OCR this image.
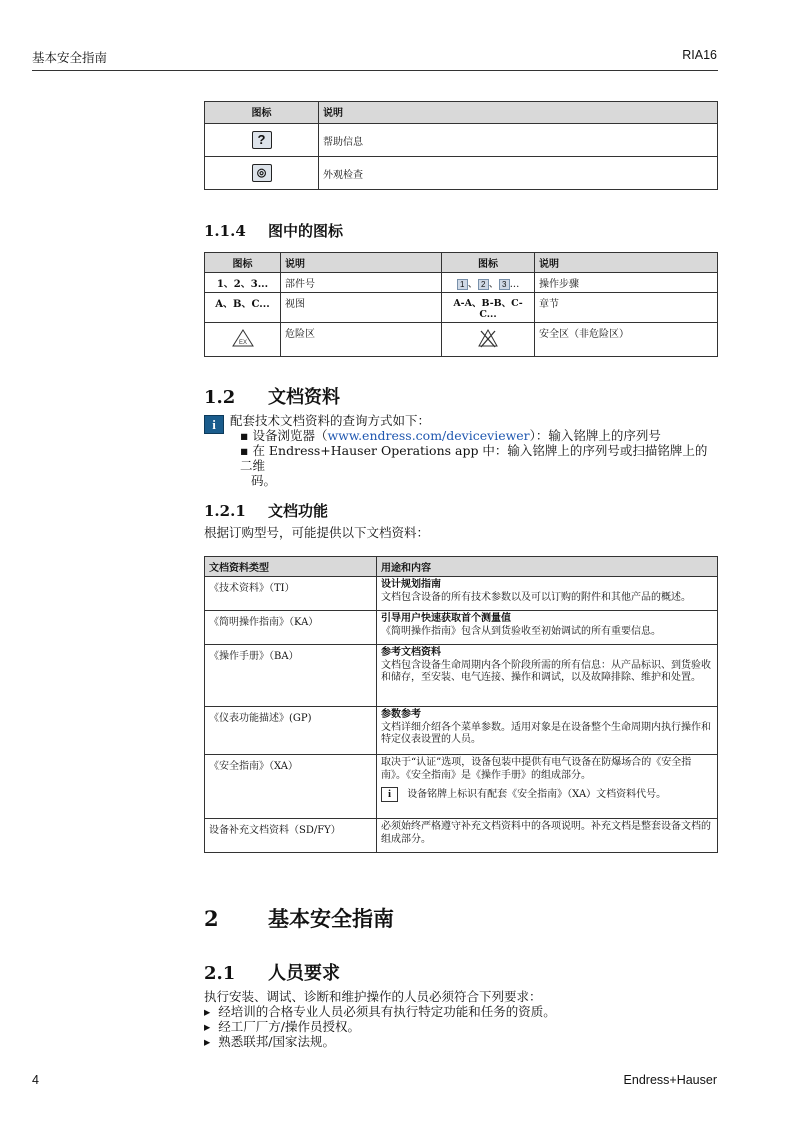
基本安全指南	RIA16
图标	说明
?	帮助信息
◎	外观检查
1.1.4 图中的图标
图标	说明	图标	说明
1、2、3...	部件号	1 、 2 、 3 ...	操作步骤
A、B、C...	视图	A-A、B-B、C-C...	章节

EX	危险区		安全区（非危险区）
1.2 文档资料
i	配套技术文档资料的查询方式如下：
▪ 设备浏览器（www.endress.com/deviceviewer）：输入铭牌上的序列号
▪ 在 Endress+Hauser Operations app 中：输入铭牌上的序列号或扫描铭牌上的二维
码。
1.2.1 文档功能
根据订购型号，可能提供以下文档资料：
文档资料类型	用途和内容
《技术资料》（TI）	设计规划指南
文档包含设备的所有技术参数以及可以订购的附件和其他产品的概述。

《简明操作指南》（KA）	引导用户快速获取首个测量值
《简明操作指南》包含从到货验收至初始调试的所有重要信息。

《操作手册》（BA）	参考文档资料
文档包含设备生命周期内各个阶段所需的所有信息：从产品标识、到货验收和储存，至安装、电气连接、操作和调试，以及故障排除、维护和处置。

《仪表功能描述》(GP)	参数参考
文档详细介绍各个菜单参数。适用对象是在设备整个生命周期内执行操作和特定仪表设置的人员。

《安全指南》（XA）	取决于“认证”选项，设备包装中提供有电气设备在防爆场合的《安全指南》。《安全指南》是《操作手册》的组成部分。
i 设备铭牌上标识有配套《安全指南》（XA）文档资料代号。

设备补充文档资料（SD/FY）	必须始终严格遵守补充文档资料中的各项说明。补充文档是整套设备文档的组成部分。
2 基本安全指南
2.1 人员要求
执行安装、调试、诊断和维护操作的人员必须符合下列要求：
▸  经培训的合格专业人员必须具有执行特定功能和任务的资质。
▸  经工厂厂方/操作员授权。
▸  熟悉联邦/国家法规。
4	Endress+Hauser
